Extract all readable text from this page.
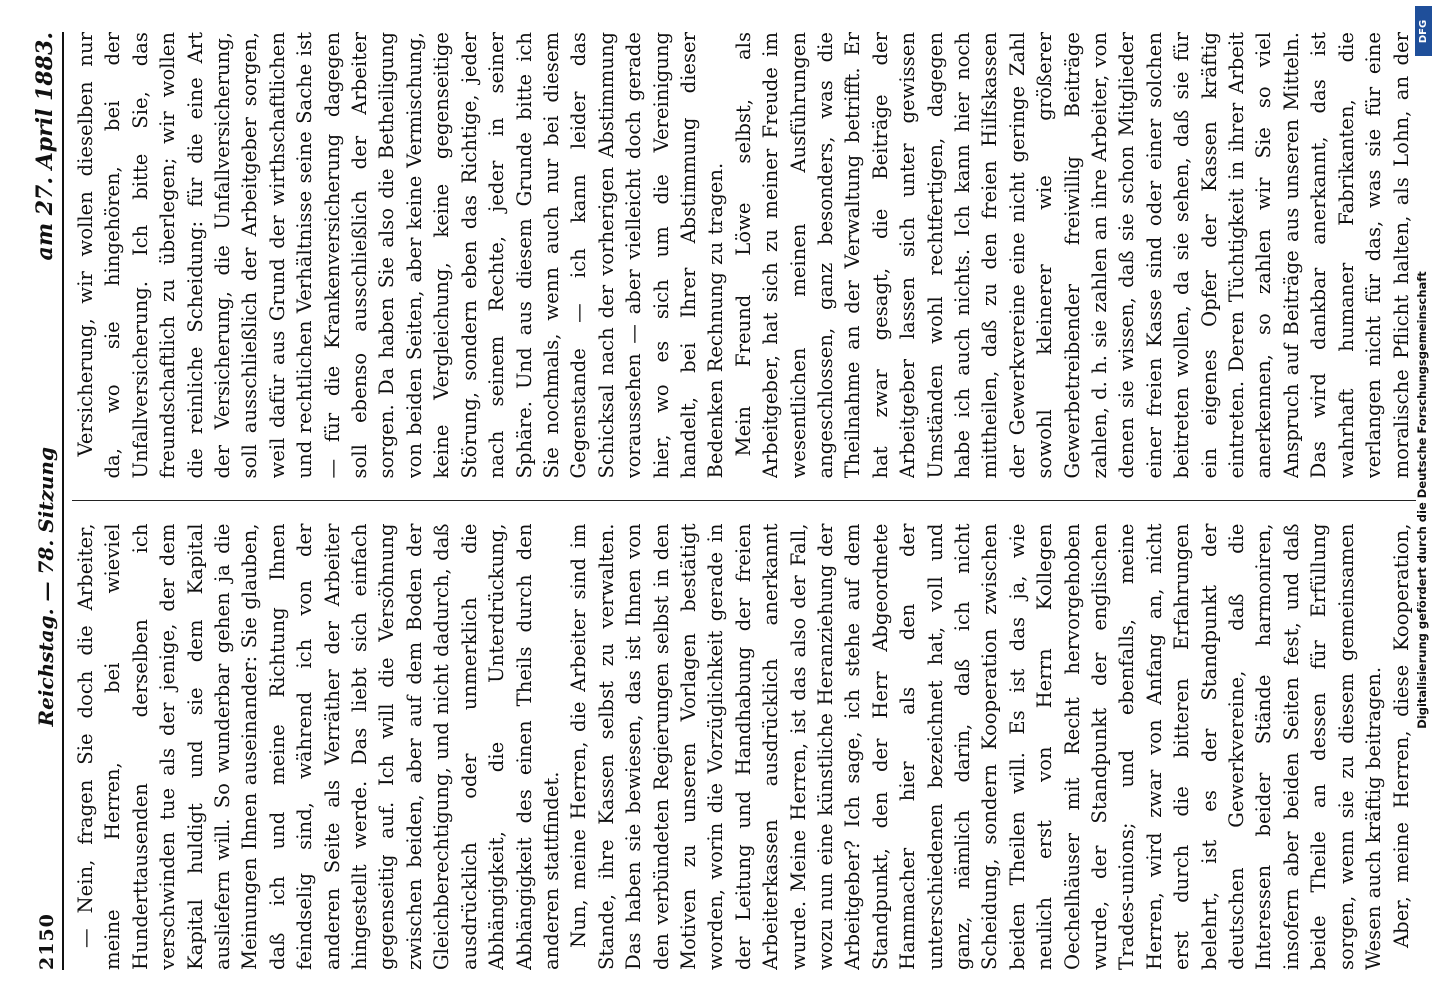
2150
Reichstag. — 78. Sitzung
am 27. April 1883.

— Nein, fragen Sie doch die Arbeiter, meine Herren, bei wieviel Hunderttausenden derselben ich verschwinden tue als der jenige, der dem Kapital huldigt und sie dem Kapital ausliefern will. So wunderbar gehen ja die Meinungen Ihnen auseinander: Sie glauben, daß ich und meine Richtung Ihnen feindselig sind, während ich von der anderen Seite als Verräther der Arbeiter hingestellt werde. Das liebt sich einfach gegenseitig auf. Ich will die Versöhnung zwischen beiden, aber auf dem Boden der Gleichberechtigung, und nicht dadurch, daß ausdrücklich oder unmerklich die Abhängigkeit, die Unterdrückung, Abhängigkeit des einen Theils durch den anderen stattfindet. Nun, meine Herren, die Arbeiter sind im Stande, ihre Kassen selbst zu verwalten. Das haben sie bewiesen, das ist Ihnen von den verbündeten Regierungen selbst in den Motiven zu unseren Vorlagen bestätigt worden, worin die Vorzüglichkeit gerade in der Leitung und Handhabung der freien Arbeiterkassen ausdrücklich anerkannt wurde. Meine Herren, ist das also der Fall, wozu nun eine künstliche Heranziehung der Arbeitgeber? Ich sage, ich stehe auf dem Standpunkt, den der Herr Abgeordnete Hammacher hier als den der unterschiedenen bezeichnet hat, voll und ganz, nämlich darin, daß ich nicht Scheidung, sondern Kooperation zwischen beiden Theilen will. Es ist das ja, wie neulich erst von Herrn Kollegen Oechelhäuser mit Recht hervorgehoben wurde, der Standpunkt der englischen Trades-unions; und ebenfalls, meine Herren, wird zwar von Anfang an, nicht erst durch die bitteren Erfahrungen belehrt, ist es der Standpunkt der deutschen Gewerkvereine, daß die Interessen beider Stände harmoniren, insofern aber beiden Seiten fest, und daß beide Theile an dessen für Erfüllung sorgen, wenn sie zu diesem gemeinsamen Wesen auch kräftig beitragen. Aber, meine Herren, diese Kooperation,

Versicherung, wir wollen dieselben nur da, wo sie hingehören, bei der Unfallversicherung. Ich bitte Sie, das freundschaftlich zu überlegen; wir wollen die reinliche Scheidung: für die eine Art der Versicherung, die Unfallversicherung, soll ausschließlich der Arbeitgeber sorgen, weil dafür aus Grund der wirthschaftlichen und rechtlichen Verhältnisse seine Sache ist — für die Krankenversicherung dagegen soll ebenso ausschließlich der Arbeiter sorgen. Da haben Sie also die Betheiligung von beiden Seiten, aber keine Vermischung, keine Vergleichung, keine gegenseitige Störung, sondern eben das Richtige, jeder nach seinem Rechte, jeder in seiner Sphäre. Und aus diesem Grunde bitte ich Sie nochmals, wenn auch nur bei diesem Gegenstande — ich kann leider das Schicksal nach der vorherigen Abstimmung voraussehen — aber vielleicht doch gerade hier, wo es sich um die Vereinigung handelt, bei Ihrer Abstimmung dieser Bedenken Rechnung zu tragen. Mein Freund Löwe selbst, als Arbeitgeber, hat sich zu meiner Freude im wesentlichen meinen Ausführungen angeschlossen, ganz besonders, was die Theilnahme an der Verwaltung betrifft. Er hat zwar gesagt, die Beiträge der Arbeitgeber lassen sich unter gewissen Umständen wohl rechtfertigen, dagegen habe ich auch nichts. Ich kann hier noch mittheilen, daß zu den freien Hilfskassen der Gewerkvereine eine nicht geringe Zahl sowohl kleinerer wie größerer Gewerbetreibender freiwillig Beiträge zahlen, d. h. sie zahlen an ihre Arbeiter, von denen sie wissen, daß sie schon Mitglieder einer freien Kasse sind oder einer solchen beitreten wollen, da sie sehen, daß sie für ein eigenes Opfer der Kassen kräftig eintreten. Deren Tüchtigkeit in ihrer Arbeit anerkennen, so zahlen wir Sie so viel Anspruch auf Beiträge aus unseren Mitteln. Das wird dankbar anerkannt, das ist wahrhaft humaner Fabrikanten, die verlangen nicht für das, was sie für eine moralische Pflicht halten, als Lohn, an der

DFG
Digitalisierung gefördert durch die Deutsche Forschungsgemeinschaft
